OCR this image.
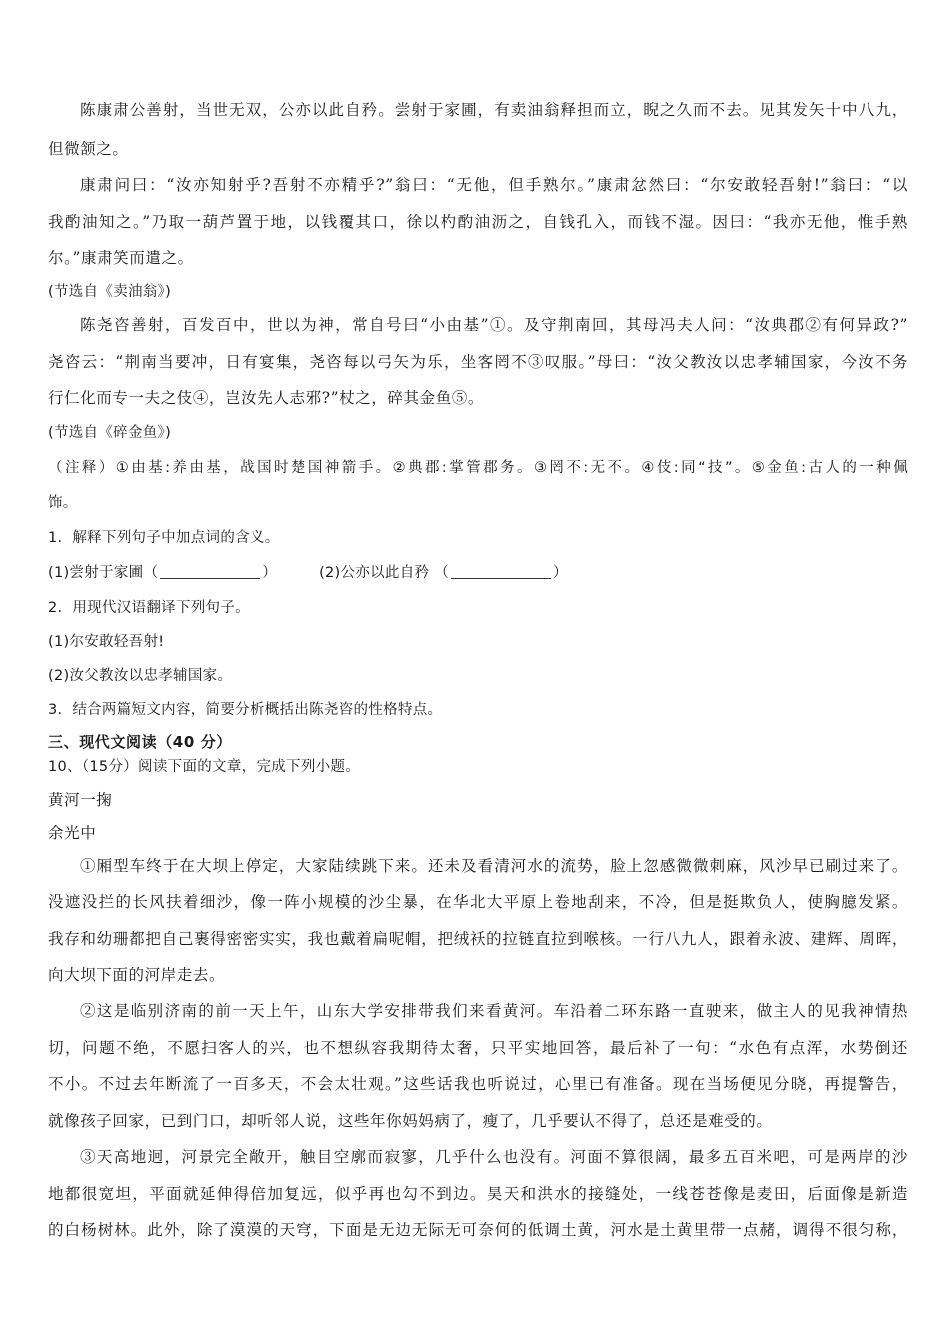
陈康肃公善射，当世无双，公亦以此自矜。尝射于家圃，有卖油翁释担而立，睨之久而不去。见其发矢十中八九，
但微颔之。
康肃问曰：“汝亦知射乎?吾射不亦精乎?”翁曰：“无他，但手熟尔。”康肃忿然曰：“尔安敢轻吾射!”翁曰：“以
我酌油知之。”乃取一葫芦置于地，以钱覆其口，徐以杓酌油沥之，自钱孔入，而钱不湿。因曰：“我亦无他，惟手熟
尔。”康肃笑而遣之。
(节选自《卖油翁》)
陈尧咨善射，百发百中，世以为神，常自号曰“小由基”①。及守荆南回，其母冯夫人问：“汝典郡②有何异政?”
尧咨云：“荆南当要冲，日有宴集，尧咨每以弓矢为乐，坐客罔不③叹服。”母曰：“汝父教汝以忠孝辅国家，今汝不务
行仁化而专一夫之伎④，岂汝先人志邪?”杖之，碎其金鱼⑤。
(节选自《碎金鱼》)
（注释）①由基:养由基，战国时楚国神箭手。②典郡:掌管郡务。③罔不:无不。④伎:同“技”。⑤金鱼:古人的一种佩
饰。
1．解释下列句子中加点词的含义。
(1)尝射于家圃（	）	(2)公亦以此自矜 （	）
2．用现代汉语翻译下列句子。
(1)尔安敢轻吾射!
(2)汝父教汝以忠孝辅国家。
3．结合两篇短文内容，简要分析概括出陈尧咨的性格特点。
三、现代文阅读（40 分）
10、（15分）阅读下面的文章，完成下列小题。
黄河一掬
余光中
①厢型车终于在大坝上停定，大家陆续跳下来。还未及看清河水的流势，脸上忽感微微刺麻，风沙早已刷过来了。
没遮没拦的长风扶着细沙，像一阵小规模的沙尘暴，在华北大平原上卷地刮来，不冷，但是挺欺负人，使胸臆发紧。
我存和幼珊都把自己裹得密密实实，我也戴着扁呢帽，把绒袄的拉链直拉到喉核。一行八九人，跟着永波、建辉、周晖，
向大坝下面的河岸走去。
②这是临别济南的前一天上午，山东大学安排带我们来看黄河。车沿着二环东路一直驶来，做主人的见我神情热
切，问题不绝，不愿扫客人的兴，也不想纵容我期待太奢，只平实地回答，最后补了一句：“水色有点浑，水势倒还
不小。不过去年断流了一百多天，不会太壮观。”这些话我也听说过，心里已有准备。现在当场便见分晓，再提警告，
就像孩子回家，已到门口，却听邻人说，这些年你妈妈病了，瘦了，几乎要认不得了，总还是难受的。
③天高地迥，河景完全敞开，触目空廓而寂寥，几乎什么也没有。河面不算很阔，最多五百米吧，可是两岸的沙
地都很宽坦，平面就延伸得倍加复远，似乎再也勾不到边。昊天和洪水的接缝处，一线苍苍像是麦田，后面像是新造
的白杨树林。此外，除了漠漠的天穹，下面是无边无际无可奈何的低调土黄，河水是土黄里带一点赭，调得不很匀称，
